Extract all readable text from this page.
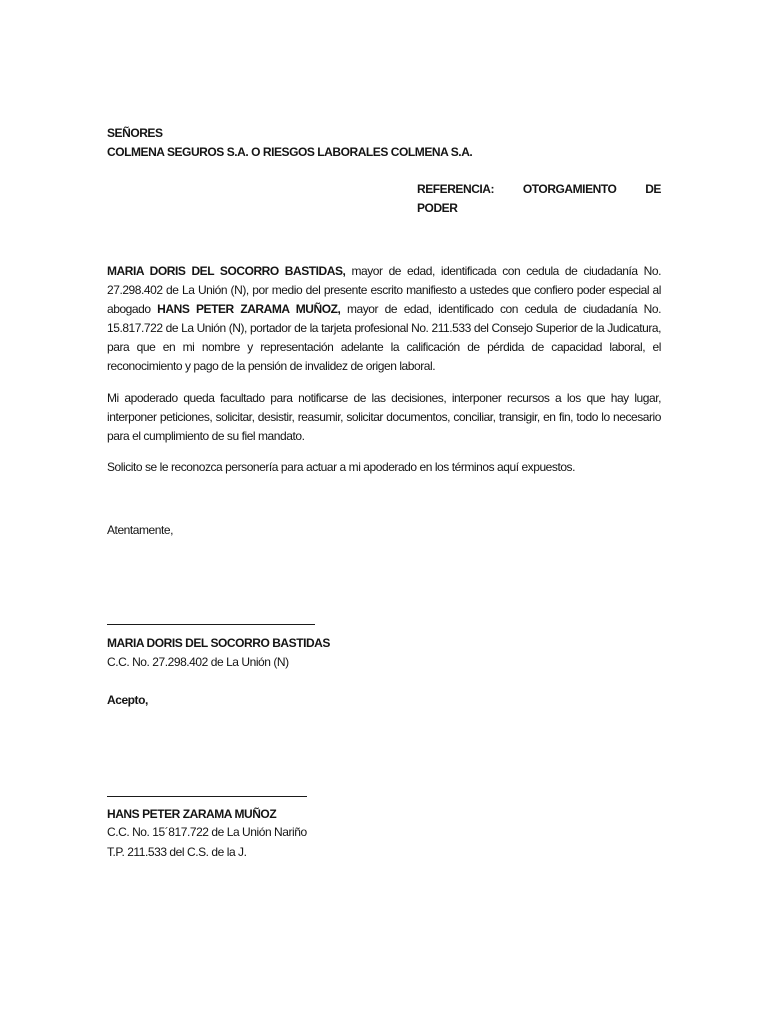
SEÑORES
COLMENA SEGUROS S.A. O RIESGOS LABORALES COLMENA S.A.
REFERENCIA: OTORGAMIENTO DE
PODER

MARIA DORIS DEL SOCORRO BASTIDAS, mayor de edad, identificada con cedula de ciudadanía No. 27.298.402 de La Unión (N), por medio del presente escrito manifiesto a ustedes que confiero poder especial al abogado HANS PETER ZARAMA MUÑOZ, mayor de edad, identificado con cedula de ciudadanía No. 15.817.722 de La Unión (N), portador de la tarjeta profesional No. 211.533 del Consejo Superior de la Judicatura, para que en mi nombre y representación adelante la calificación de pérdida de capacidad laboral, el reconocimiento y pago de la pensión de invalidez de origen laboral.

Mi apoderado queda facultado para notificarse de las decisiones, interponer recursos a los que hay lugar, interponer peticiones, solicitar, desistir, reasumir, solicitar documentos, conciliar, transigir, en fin, todo lo necesario para el cumplimiento de su fiel mandato.

Solicito se le reconozca personería para actuar a mi apoderado en los términos aquí expuestos.

Atentamente,
MARIA DORIS DEL SOCORRO BASTIDAS
C.C. No. 27.298.402 de La Unión (N)
Acepto,
HANS PETER ZARAMA MUÑOZ
C.C. No. 15´817.722 de La Unión Nariño
T.P. 211.533 del C.S. de la J.
